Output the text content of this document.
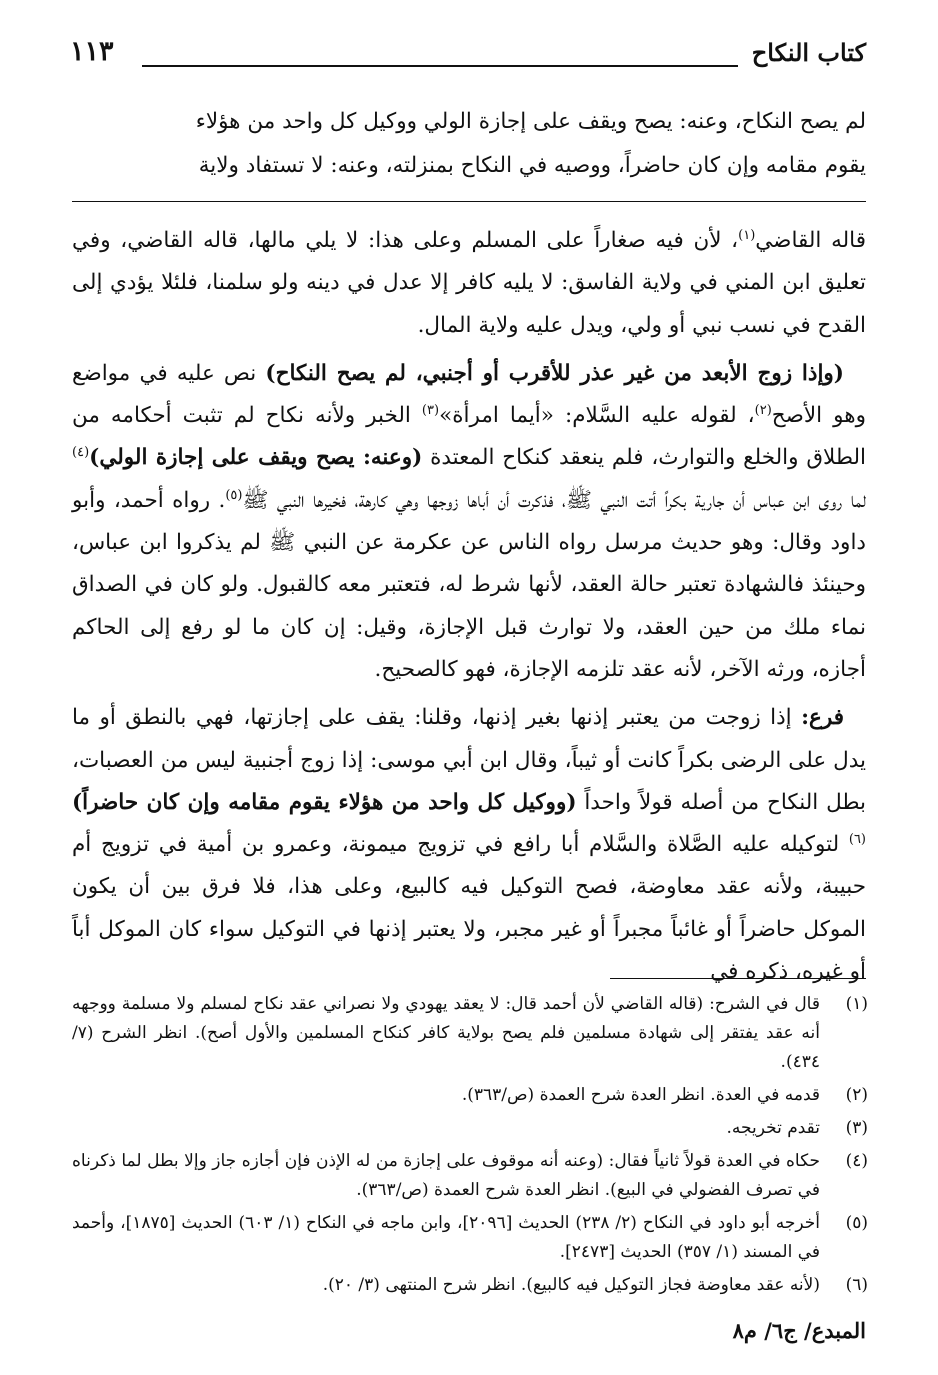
كتاب النكاح
١١٣

لم يصح النكاح، وعنه: يصح ويقف على إجازة الولي ووكيل كل واحد من هؤلاء

يقوم مقامه وإن كان حاضراً، ووصيه في النكاح بمنزلته، وعنه: لا تستفاد ولاية

قاله القاضي$^{(١)}$، لأن فيه صغاراً على المسلم وعلى هذا: لا يلي مالها، قاله القاضي، وفي تعليق ابن المني في ولاية الفاسق: لا يليه كافر إلا عدل في دينه ولو سلمنا، فلئلا يؤدي إلى القدح في نسب نبي أو ولي، ويدل عليه ولاية المال.

(وإذا زوج الأبعد من غير عذر للأقرب أو أجنبي، لم يصح النكاح) نص عليه في مواضع وهو الأصح$^{(٢)}$، لقوله عليه السَّلام: «أيما امرأة»$^{(٣)}$ الخبر ولأنه نكاح لم تثبت أحكامه من الطلاق والخلع والتوارث، فلم ينعقد كنكاح المعتدة (وعنه: يصح ويقف على إجازة الولي)$^{(٤)}$ لما روى ابن عباس أن جارية بكراً أتت النبي ﷺ، فذكرت أن أباها زوجها وهي كارهة، فخيرها النبي ﷺ$^{(٥)}$. رواه أحمد، وأبو داود وقال: وهو حديث مرسل رواه الناس عن عكرمة عن النبي ﷺ لم يذكروا ابن عباس، وحينئذ فالشهادة تعتبر حالة العقد، لأنها شرط له، فتعتبر معه كالقبول. ولو كان في الصداق نماء ملك من حين العقد، ولا توارث قبل الإجازة، وقيل: إن كان ما لو رفع إلى الحاكم أجازه، ورثه الآخر، لأنه عقد تلزمه الإجازة، فهو كالصحيح.

فرع: إذا زوجت من يعتبر إذنها بغير إذنها، وقلنا: يقف على إجازتها، فهي بالنطق أو ما يدل على الرضى بكراً كانت أو ثيباً، وقال ابن أبي موسى: إذا زوج أجنبية ليس من العصبات، بطل النكاح من أصله قولاً واحداً (ووكيل كل واحد من هؤلاء يقوم مقامه وإن كان حاضراً)$^{(٦)}$ لتوكيله عليه الصَّلاة والسَّلام أبا رافع في تزويج ميمونة، وعمرو بن أمية في تزويج أم حبيبة، ولأنه عقد معاوضة، فصح التوكيل فيه كالبيع، وعلى هذا، فلا فرق بين أن يكون الموكل حاضراً أو غائباً مجبراً أو غير مجبر، ولا يعتبر إذنها في التوكيل سواء كان الموكل أباً أو غيره، ذكره في

(١)
قال في الشرح: (قاله القاضي لأن أحمد قال: لا يعقد يهودي ولا نصراني عقد نكاح لمسلم ولا مسلمة ووجهه أنه عقد يفتقر إلى شهادة مسلمين فلم يصح بولاية كافر كنكاح المسلمين والأول أصح). انظر الشرح (٧/ ٤٣٤).
(٢)
قدمه في العدة. انظر العدة شرح العمدة (ص/٣٦٣).
(٣)
تقدم تخريجه.
(٤)
حكاه في العدة قولاً ثانياً فقال: (وعنه أنه موقوف على إجازة من له الإذن فإن أجازه جاز وإلا بطل لما ذكرناه في تصرف الفضولي في البيع). انظر العدة شرح العمدة (ص/٣٦٣).
(٥)
أخرجه أبو داود في النكاح (٢/ ٢٣٨) الحديث [٢٠٩٦]، وابن ماجه في النكاح (١/ ٦٠٣) الحديث [١٨٧٥]، وأحمد في المسند (١/ ٣٥٧) الحديث [٢٤٧٣].
(٦)
(لأنه عقد معاوضة فجاز التوكيل فيه كالبيع). انظر شرح المنتهى (٣/ ٢٠).
المبدع/ ج٦/ م٨
